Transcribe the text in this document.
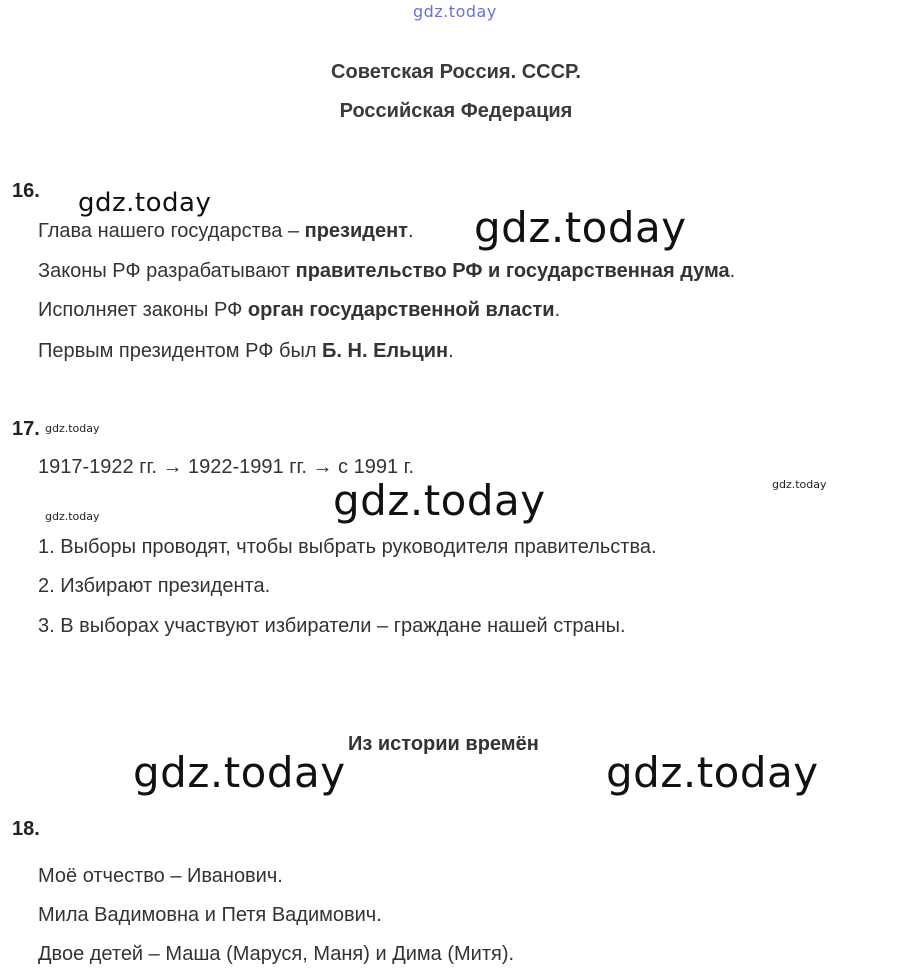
gdz.today
Советская Россия. СССР.
Российская Федерация
16. gdz.today
Глава нашего государства – президент. gdz.today
Законы РФ разрабатывают правительство РФ и государственная дума.
Исполняет законы РФ орган государственной власти.
Первым президентом РФ был Б. Н. Ельцин.
17. gdz.today
1917-1922 гг. → 1922-1991 гг. → с 1991 г.
gdz.today
gdz.today
gdz.today
1. Выборы проводят, чтобы выбрать руководителя правительства.
2. Избирают президента.
3. В выборах участвуют избиратели – граждане нашей страны.
Из истории времён
gdz.today	gdz.today
18.
Моё отчество – Иванович.
Мила Вадимовна и Петя Вадимович.
Двое детей – Маша (Маруся, Маня) и Дима (Митя).
